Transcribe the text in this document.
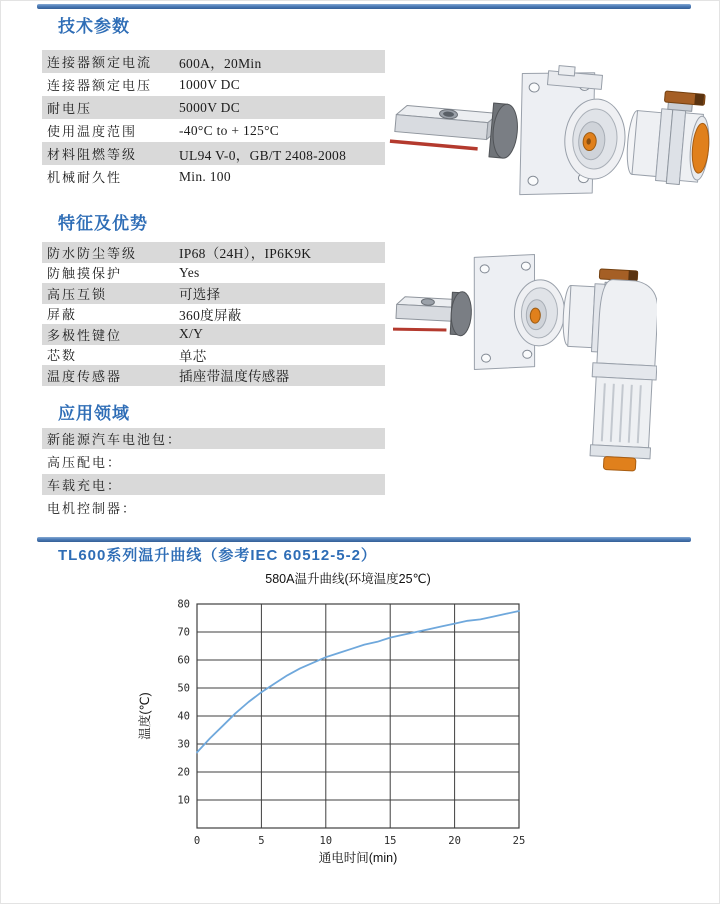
技术参数
连接器额定电流	600A，20Min
连接器额定电压	1000V DC
耐电压	5000V DC
使用温度范围	-40°C to + 125°C
材料阻燃等级	UL94 V-0，GB/T 2408-2008
机械耐久性	Min. 100
特征及优势
防水防尘等级	IP68（24H），IP6K9K
防触摸保护	Yes
高压互锁	可选择
屏蔽	360度屏蔽
多极性键位	X/Y
芯数	单芯
温度传感器	插座带温度传感器
应用领域
新能源汽车电池包：
高压配电：
车载充电：
电机控制器：
TL600系列温升曲线（参考IEC 60512-5-2）
0	5	10	15	20	25
10
20
30
40
50
60
70
80
580A温升曲线(环境温度25℃)
通电时间(min)
温度(℃)
